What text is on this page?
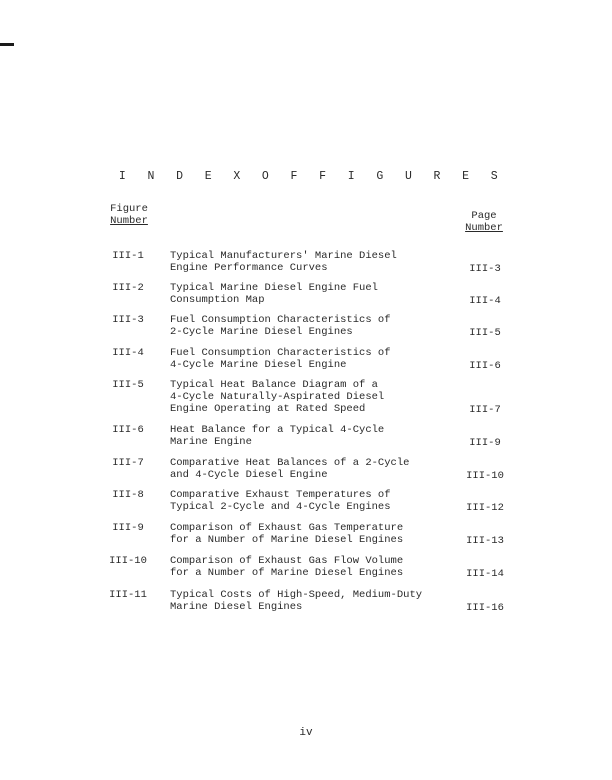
I N D E X O F F I G U R E S
Figure
Number	Page
Number
III-1	Typical Manufacturers' Marine Diesel
Engine Performance Curves	III-3
III-2	Typical Marine Diesel Engine Fuel
Consumption Map	III-4
III-3	Fuel Consumption Characteristics of
2-Cycle Marine Diesel Engines	III-5
III-4	Fuel Consumption Characteristics of
4-Cycle Marine Diesel Engine	III-6
III-5	Typical Heat Balance Diagram of a
4-Cycle Naturally-Aspirated Diesel
Engine Operating at Rated Speed	III-7
III-6	Heat Balance for a Typical 4-Cycle
Marine Engine	III-9
III-7	Comparative Heat Balances of a 2-Cycle
and 4-Cycle Diesel Engine	III-10
III-8	Comparative Exhaust Temperatures of
Typical 2-Cycle and 4-Cycle Engines	III-12
III-9	Comparison of Exhaust Gas Temperature
for a Number of Marine Diesel Engines	III-13
III-10	Comparison of Exhaust Gas Flow Volume
for a Number of Marine Diesel Engines	III-14
III-11	Typical Costs of High-Speed, Medium-Duty
Marine Diesel Engines	III-16
iv
